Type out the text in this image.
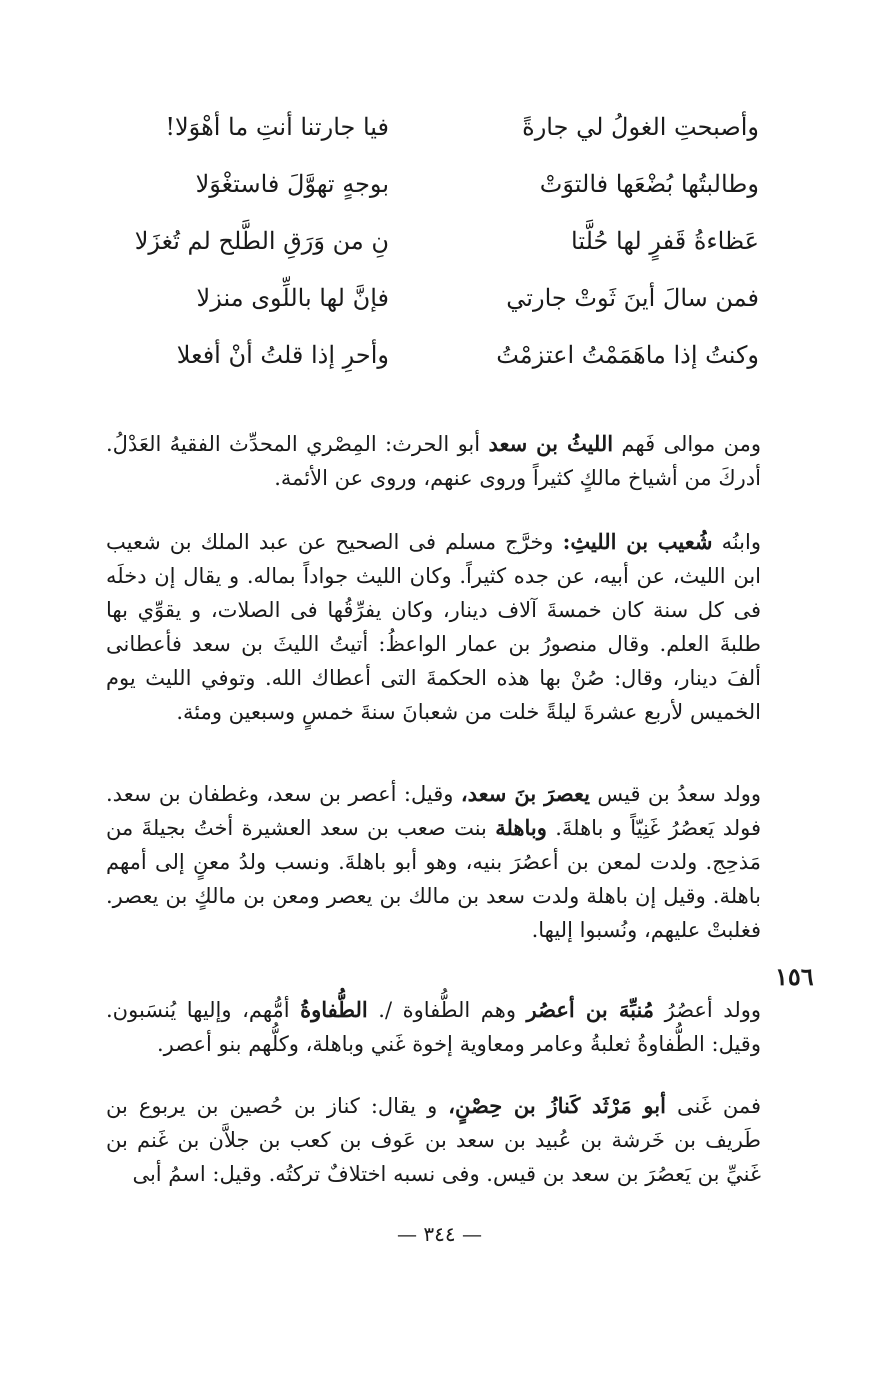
وأصبحتِ الغولُ لي جارةً
فيا جارتنا أنتِ ما أهْوَلا!
وطالبتُها بُضْعَها فالتوَتْ
بوجهٍ تهوَّلَ فاستغْوَلا
عَظاءةُ قَفرٍ لها حُلَّتا
نِ من وَرَقِ الطَّلح لم تُغزَلا
فمن سالَ أينَ ثَوتْ جارتي
فإنَّ لها باللِّوى منزلا
وكنتُ إذا ماهَمَمْتُ اعتزمْتُ
وأحرِ إذا قلتُ أنْ أفعلا

ومن موالى فَهم الليثُ بن سعد أبو الحرث: المِصْري المحدِّث الفقيهُ العَدْلُ. أدركَ من أشياخ مالكٍ كثيراً وروى عنهم، وروى عن الأئمة.

وابنُه شُعيب بن الليثِ: وخرَّج مسلم فى الصحيح عن عبد الملك بن شعيب ابن الليث، عن أبيه، عن جده كثيراً. وكان الليث جواداً بماله. و يقال إن دخلَه فى كل سنة كان خمسةَ آلاف دينار، وكان يفرِّقُها فى الصلات، و يقوِّي بها طلبةَ العلم. وقال منصورُ بن عمار الواعظُ: أتيتُ الليثَ بن سعد فأعطانى ألفَ دينار، وقال: صُنْ بها هذه الحكمةَ التى أعطاك الله. وتوفي الليث يوم الخميس لأربع عشرةَ ليلةً خلت من شعبانَ سنةَ خمسٍ وسبعين ومئة.

وولد سعدُ بن قيس يعصرَ بنَ سعد، وقيل: أعصر بن سعد، وغطفان بن سعد. فولد يَعصُرُ غَنِيّاً و باهلةَ. وباهلة بنت صعب بن سعد العشيرة أختُ بجيلةَ من مَذحِج. ولدت لمعن بن أعصُرَ بنيه، وهو أبو باهلةَ. ونسب ولدُ معنٍ إلى أمهم باهلة. وقيل إن باهلة ولدت سعد بن مالك بن يعصر ومعن بن مالكٍ بن يعصر. فغلبتْ عليهم، ونُسبوا إليها.

١٥٦

وولد أعصُرُ مُنبِّهَ بن أعصُر وهم الطُّفاوة /. الطُّفاوةُ أمُّهم، وإليها يُنسَبون. وقيل: الطُّفاوةُ ثعلبةُ وعامر ومعاوية إخوة غَني وباهلة، وكلُّهم بنو أعصر.

فمن غَنى أبو مَرْثَد كَنازُ بن حِصْنٍ، و يقال: كناز بن حُصين بن يربوع بن طَريف بن خَرشة بن عُبيد بن سعد بن عَوف بن كعب بن جلاَّن بن غَنم بن غَنيِّ بن يَعصُرَ بن سعد بن قيس. وفى نسبه اختلافٌ تركتُه. وقيل: اسمُ أبى

— ٣٤٤ —
